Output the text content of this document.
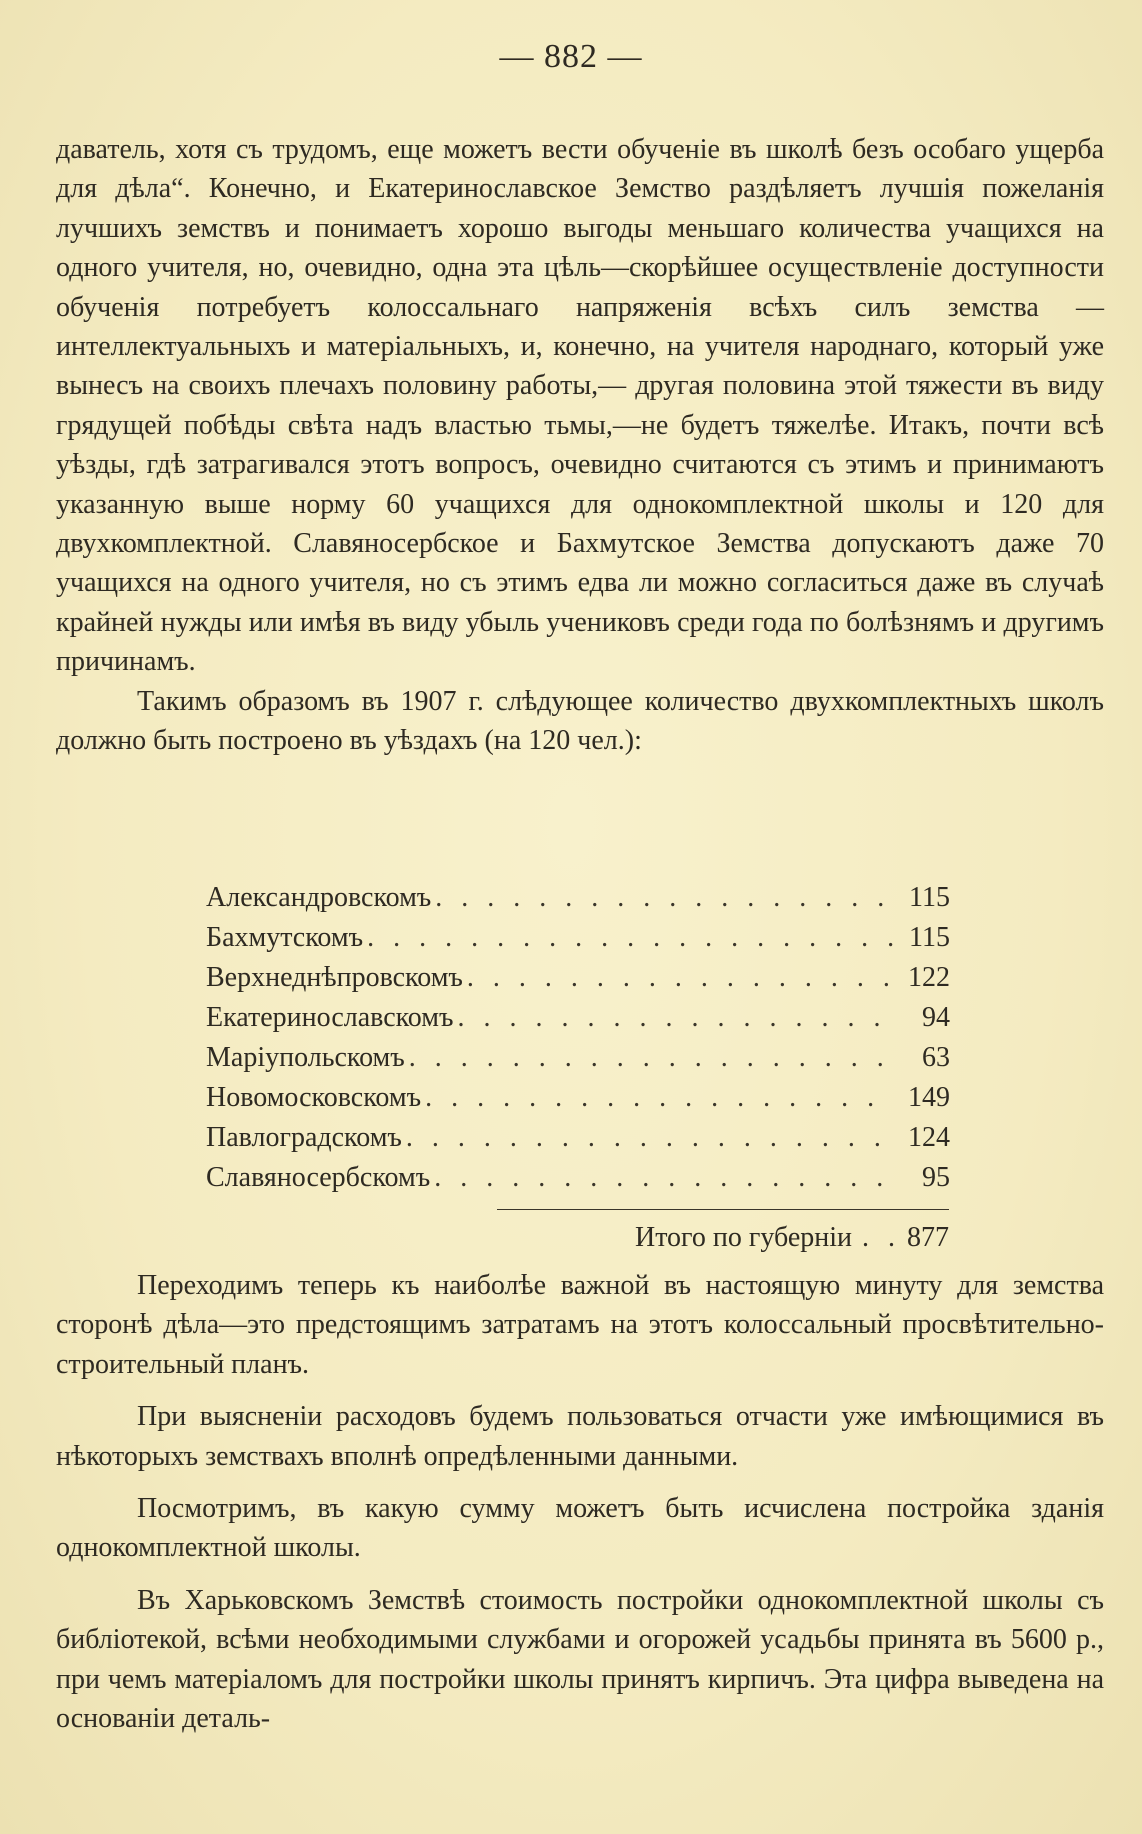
— 882 —

даватель, хотя съ трудомъ, еще можетъ вести обученіе въ школѣ безъ особаго ущерба для дѣла“. Конечно, и Екатеринославское Земство раздѣляетъ лучшія пожеланія лучшихъ земствъ и понимаетъ хорошо выгоды меньшаго количества учащихся на одного учителя, но, очевидно, одна эта цѣль—скорѣйшее осуществленіе доступности обученія потребуетъ колоссальнаго напряженія всѣхъ силъ земства —интеллектуальныхъ и матеріальныхъ, и, конечно, на учителя народнаго, который уже вынесъ на своихъ плечахъ половину работы,— другая половина этой тяжести въ виду грядущей побѣды свѣта надъ властью тьмы,—не будетъ тяжелѣе. Итакъ, почти всѣ уѣзды, гдѣ затрагивался этотъ вопросъ, очевидно считаются съ этимъ и принимаютъ указанную выше норму 60 учащихся для однокомплектной школы и 120 для двухкомплектной. Славяносербское и Бахмутское Земства допускаютъ даже 70 учащихся на одного учителя, но съ этимъ едва ли можно согласиться даже въ случаѣ крайней нужды или имѣя въ виду убыль учениковъ среди года по болѣзнямъ и другимъ причинамъ.

Такимъ образомъ въ 1907 г. слѣдующее количество двухкомплектныхъ школъ должно быть построено въ уѣздахъ (на 120 чел.):

Александровскомъ . . .	115
Бахмутскомъ . . .	115
Верхнеднѣпровскомъ . . .	122
Екатеринославскомъ . . .	94
Маріупольскомъ . . .	63
Новомосковскомъ . . .	149
Павлоградскомъ . . .	124
Славяносербскомъ . . .	95
Итого по губерніи . . 877

Переходимъ теперь къ наиболѣе важной въ настоящую минуту для земства сторонѣ дѣла—это предстоящимъ затратамъ на этотъ колоссальный просвѣтительно-строительный планъ.

При выясненіи расходовъ будемъ пользоваться отчасти уже имѣющимися въ нѣкоторыхъ земствахъ вполнѣ опредѣленными данными.

Посмотримъ, въ какую сумму можетъ быть исчислена постройка зданія однокомплектной школы.

Въ Харьковскомъ Земствѣ стоимость постройки однокомплектной школы съ библіотекой, всѣми необходимыми службами и огорожей усадьбы принята въ 5600 р., при чемъ матеріаломъ для постройки школы принятъ кирпичъ. Эта цифра выведена на основаніи деталь-
